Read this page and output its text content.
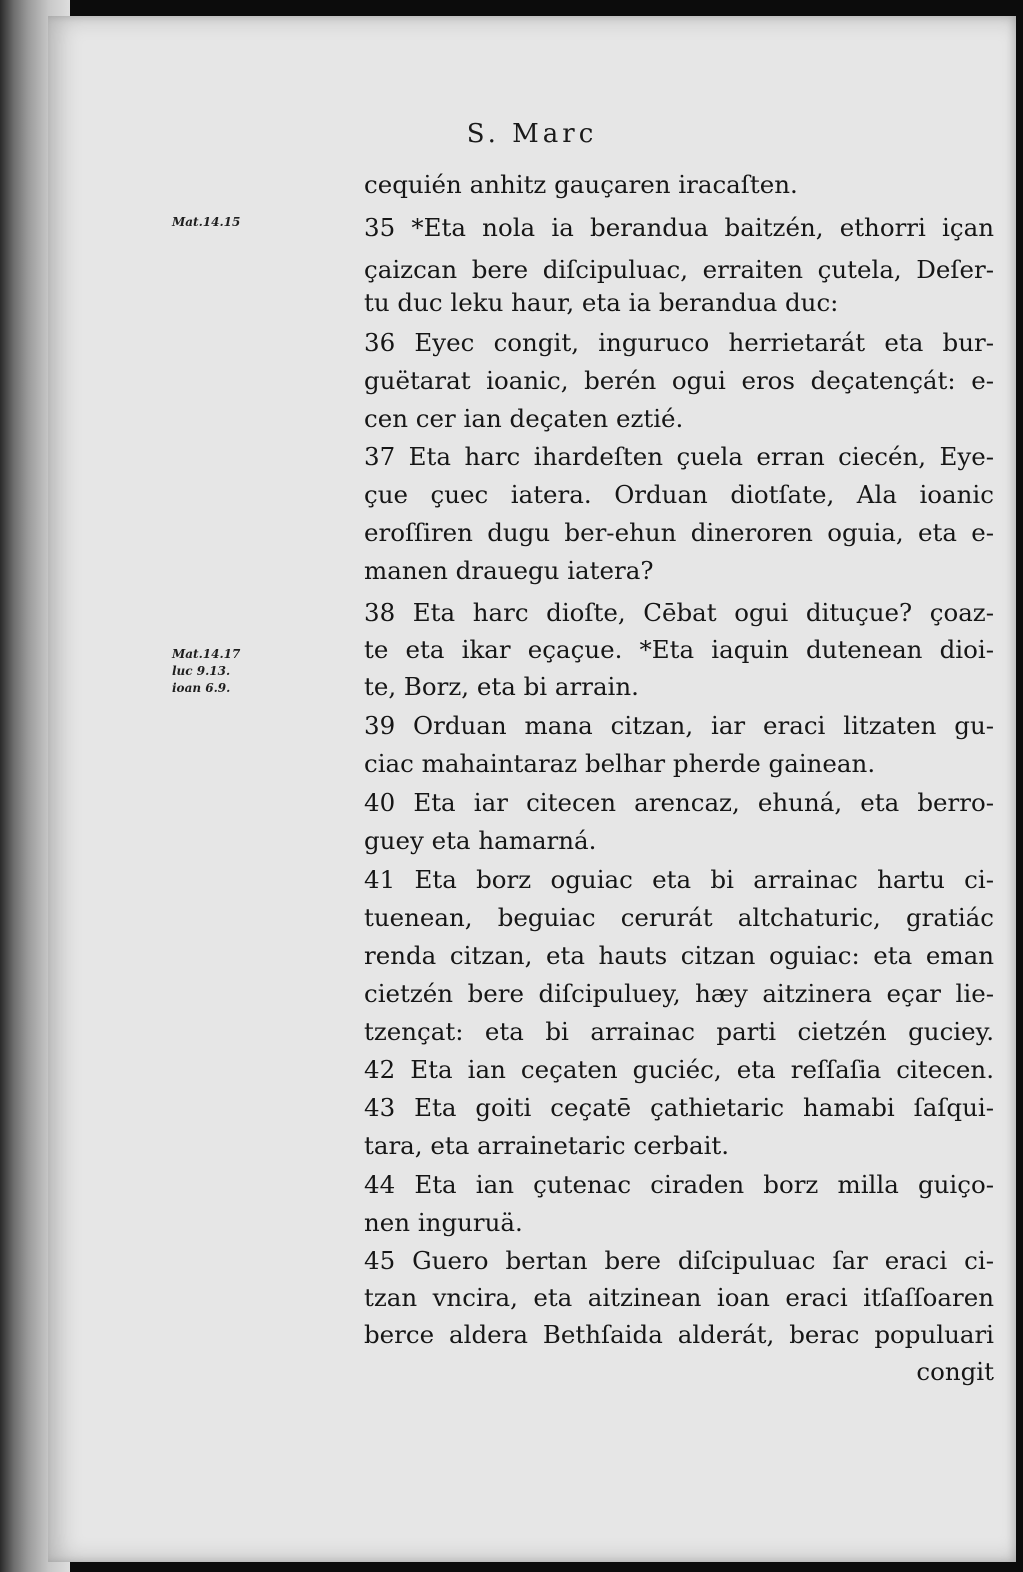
S. Marc
Mat.14.15
Mat.14.17
luc 9.13.
ioan 6.9.
cequién anhitz gauçaren iracaſten.
35 *Eta nola ia berandua baitzén, ethorri içan
çaizcan bere diſcipuluac, erraiten çutela, Deſer-
tu duc leku haur, eta ia berandua duc:
36 Eyec congit, inguruco herrietarát eta bur-
guëtarat ioanic, berén ogui eros deçatençát: e-
cen cer ian deçaten eztié.
37 Eta harc ihardeſten çuela erran ciecén, Eye-
çue çuec iatera. Orduan diotſate, Ala ioanic
eroſſiren dugu ber-ehun dineroren oguia, eta e-
manen drauegu iatera?
38 Eta harc dioſte, Cēbat ogui dituçue? çoaz-
te eta ikar eçaçue. *Eta iaquin dutenean dioi-
te, Borz, eta bi arrain.
39 Orduan mana citzan, iar eraci litzaten gu-
ciac mahaintaraz belhar pherde gainean.
40 Eta iar citecen arencaz, ehuná, eta berro-
guey eta hamarná.
41 Eta borz oguiac eta bi arrainac hartu ci-
tuenean, beguiac cerurát altchaturic, gratiác
renda citzan, eta hauts citzan oguiac: eta eman
cietzén bere diſcipuluey, hæy aitzinera eçar lie-
tzençat: eta bi arrainac parti cietzén guciey.
42 Eta ian ceçaten guciéc, eta reſſaſia citecen.
43 Eta goiti ceçatē çathietaric hamabi ſaſqui-
tara, eta arrainetaric cerbait.
44 Eta ian çutenac ciraden borz milla guiço-
nen inguruä.
45 Guero bertan bere diſcipuluac ſar eraci ci-
tzan vncira, eta aitzinean ioan eraci itſaſſoaren
berce aldera Bethſaida alderát, berac populuari
congit
